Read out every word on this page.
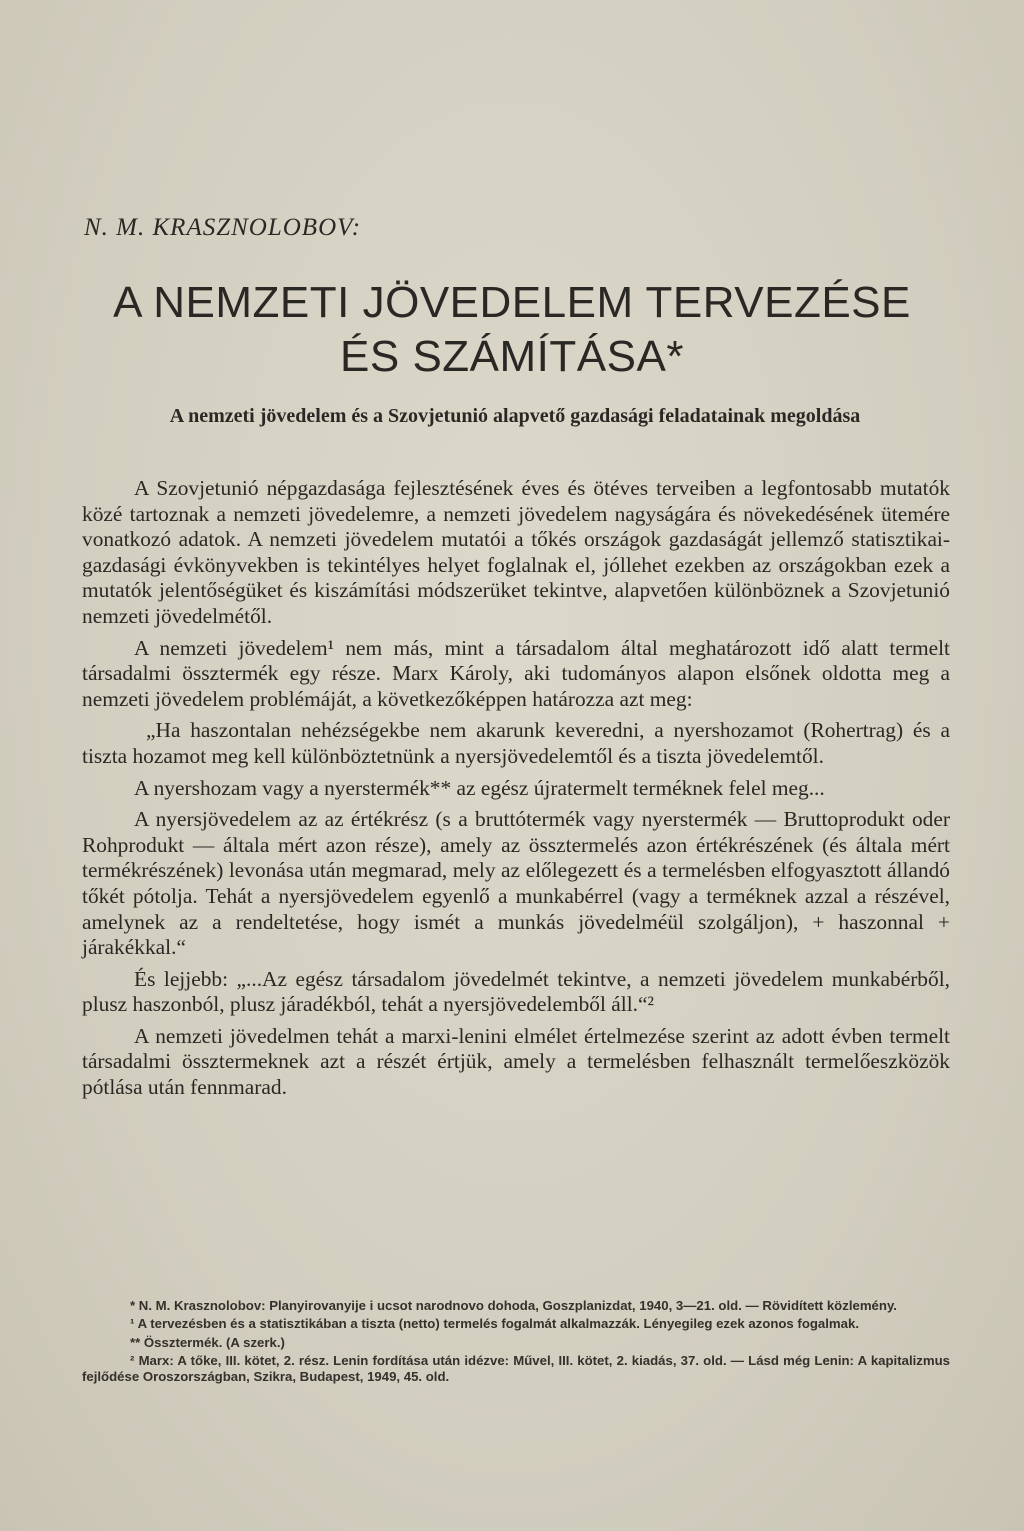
N. M. KRASZNOLOBOV:
A NEMZETI JÖVEDELEM TERVEZÉSE
ÉS SZÁMÍTÁSA*
A nemzeti jövedelem és a Szovjetunió alapvető gazdasági feladatainak megoldása

A Szovjetunió népgazdasága fejlesztésének éves és ötéves terveiben a legfontosabb mutatók közé tartoznak a nemzeti jövedelemre, a nemzeti jövedelem nagyságára és növekedésének ütemére vonatkozó adatok. A nemzeti jövedelem mutatói a tőkés országok gazdaságát jellemző statisztikai-gazdasági évkönyvekben is tekintélyes helyet foglalnak el, jóllehet ezekben az országokban ezek a mutatók jelentőségüket és kiszámítási módszerüket tekintve, alapvetően különböznek a Szovjetunió nemzeti jövedelmétől.

A nemzeti jövedelem¹ nem más, mint a társadalom által meghatározott idő alatt termelt társadalmi össztermék egy része. Marx Károly, aki tudományos alapon elsőnek oldotta meg a nemzeti jövedelem problémáját, a következőképpen határozza azt meg:

„Ha haszontalan nehézségekbe nem akarunk keveredni, a nyershozamot (Rohertrag) és a tiszta hozamot meg kell különböztetnünk a nyersjövedelemtől és a tiszta jövedelemtől.

A nyershozam vagy a nyerstermék** az egész újratermelt terméknek felel meg...

A nyersjövedelem az az értékrész (s a bruttótermék vagy nyerstermék — Bruttoprodukt oder Rohprodukt — általa mért azon része), amely az össztermelés azon értékrészének (és általa mért termékrészének) levonása után megmarad, mely az előlegezett és a termelésben elfogyasztott állandó tőkét pótolja. Tehát a nyersjövedelem egyenlő a munkabérrel (vagy a terméknek azzal a részével, amelynek az a rendeltetése, hogy ismét a munkás jövedelméül szolgáljon), + haszonnal + járakékkal.“

És lejjebb: „...Az egész társadalom jövedelmét tekintve, a nemzeti jövedelem munkabérből, plusz haszonból, plusz járadékból, tehát a nyersjövedelemből áll.“²

A nemzeti jövedelmen tehát a marxi-lenini elmélet értelmezése szerint az adott évben termelt társadalmi össztermeknek azt a részét értjük, amely a termelésben felhasznált termelőeszközök pótlása után fennmarad.

* N. M. Krasznolobov: Planyirovanyije i ucsot narodnovo dohoda, Goszplanizdat, 1940, 3—21. old. — Rövidített közlemény.

¹ A tervezésben és a statisztikában a tiszta (netto) termelés fogalmát alkalmazzák. Lényegileg ezek azonos fogalmak.

** Össztermék. (A szerk.)

² Marx: A tőke, III. kötet, 2. rész. Lenin fordítása után idézve: Művel, III. kötet, 2. kiadás, 37. old. — Lásd még Lenin: A kapitalizmus fejlődése Oroszországban, Szikra, Budapest, 1949, 45. old.
